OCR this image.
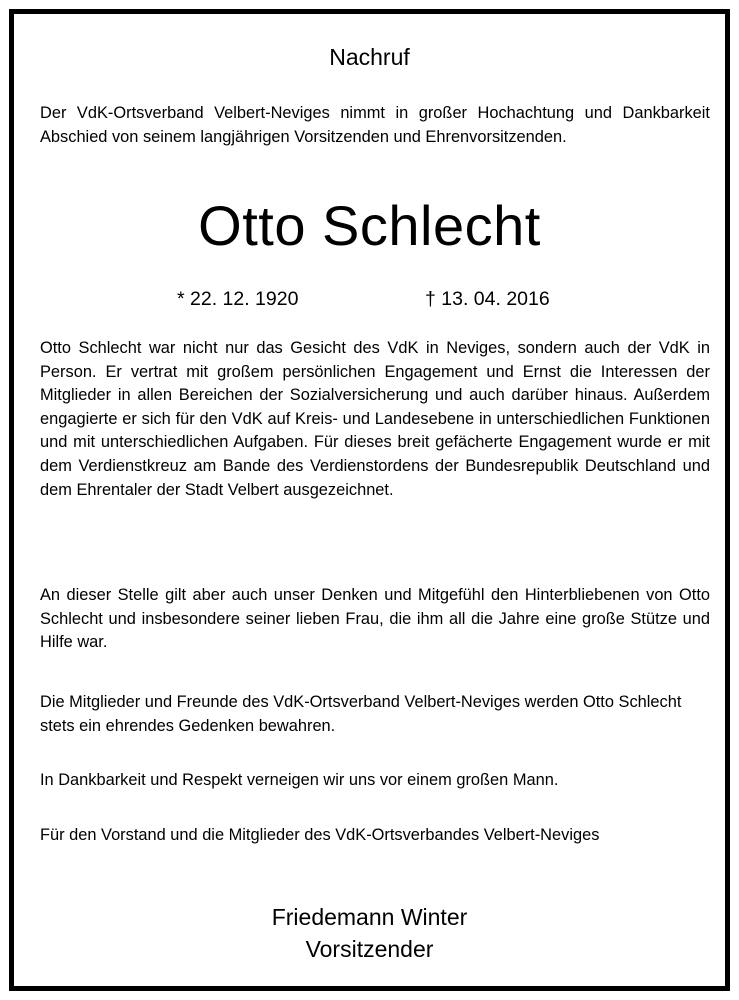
Nachruf
Der VdK-Ortsverband Velbert-Neviges nimmt in großer Hochachtung und Dankbarkeit Abschied von seinem langjährigen Vorsitzenden und Ehrenvorsitzenden.
Otto Schlecht
* 22. 12. 1920	† 13. 04. 2016
Otto Schlecht war nicht nur das Gesicht des VdK in Neviges, sondern auch der VdK in Person. Er vertrat mit großem persönlichen Engagement und Ernst die Interessen der Mitglieder in allen Bereichen der Sozialversicherung und auch darüber hinaus. Außerdem engagierte er sich für den VdK auf Kreis- und Landesebene in unterschiedlichen Funktionen und mit unterschiedlichen Aufgaben. Für dieses breit gefächerte Engagement wurde er mit dem Verdienstkreuz am Bande des Verdienstordens der Bundesrepublik Deutschland und dem Ehrentaler der Stadt Velbert ausgezeichnet.
An dieser Stelle gilt aber auch unser Denken und Mitgefühl den Hinterbliebenen von Otto Schlecht und insbesondere seiner lieben Frau, die ihm all die Jahre eine große Stütze und Hilfe war.
Die Mitglieder und Freunde des VdK-Ortsverband Velbert-Neviges werden Otto Schlecht stets ein ehrendes Gedenken bewahren.
In Dankbarkeit und Respekt verneigen wir uns vor einem großen Mann.
Für den Vorstand und die Mitglieder des VdK-Ortsverbandes Velbert-Neviges
Friedemann Winter
Vorsitzender
